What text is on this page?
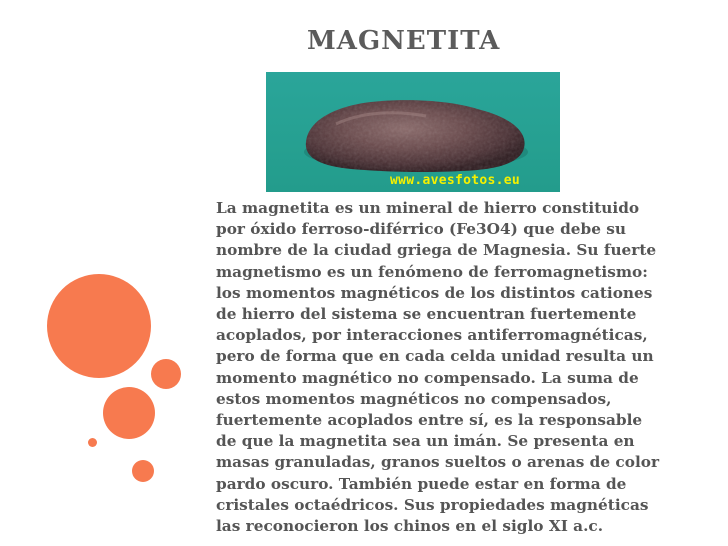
MAGNETITA
www.avesfotos.eu
La magnetita es un mineral de hierro constituido
por óxido ferroso-diférrico (Fe3O4) que debe su
nombre de la ciudad griega de Magnesia. Su fuerte
magnetismo es un fenómeno de ferromagnetismo:
los momentos magnéticos de los distintos cationes
de hierro del sistema se encuentran fuertemente
acoplados, por interacciones antiferromagnéticas,
pero de forma que en cada celda unidad resulta un
momento magnético no compensado. La suma de
estos momentos magnéticos no compensados,
fuertemente acoplados entre sí, es la responsable
de que la magnetita sea un imán. Se presenta en
masas granuladas, granos sueltos o arenas de color
pardo oscuro. También puede estar en forma de
cristales octaédricos. Sus propiedades magnéticas
las reconocieron los chinos en el siglo XI a.c.
